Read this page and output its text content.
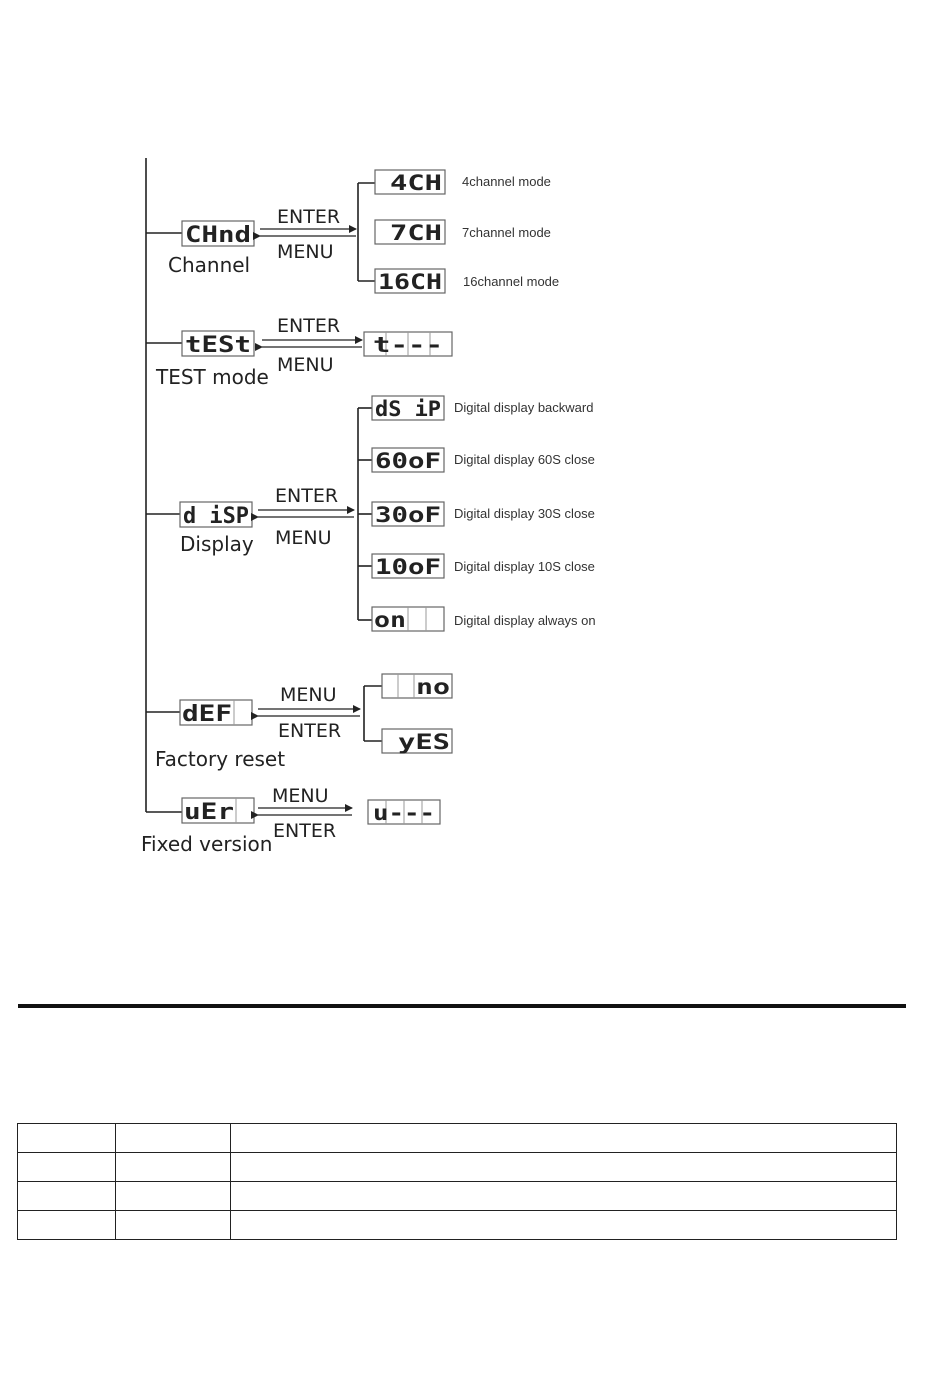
CHnd
Channel
ENTER
MENU
4CH 4channel mode
7CH 7channel mode
16CH 16channel mode
tESt
TEST mode
ENTER
MENU
t---
d iSP
Display
ENTER
MENU
dS iP Digital display backward
60oF Digital display 60S close
30oF Digital display 30S close
10oF Digital display 10S close
on	Digital display always on
dEF
Factory reset
MENU
ENTER
no
yES
uEr
Fixed version
MENU
ENTER
u---
